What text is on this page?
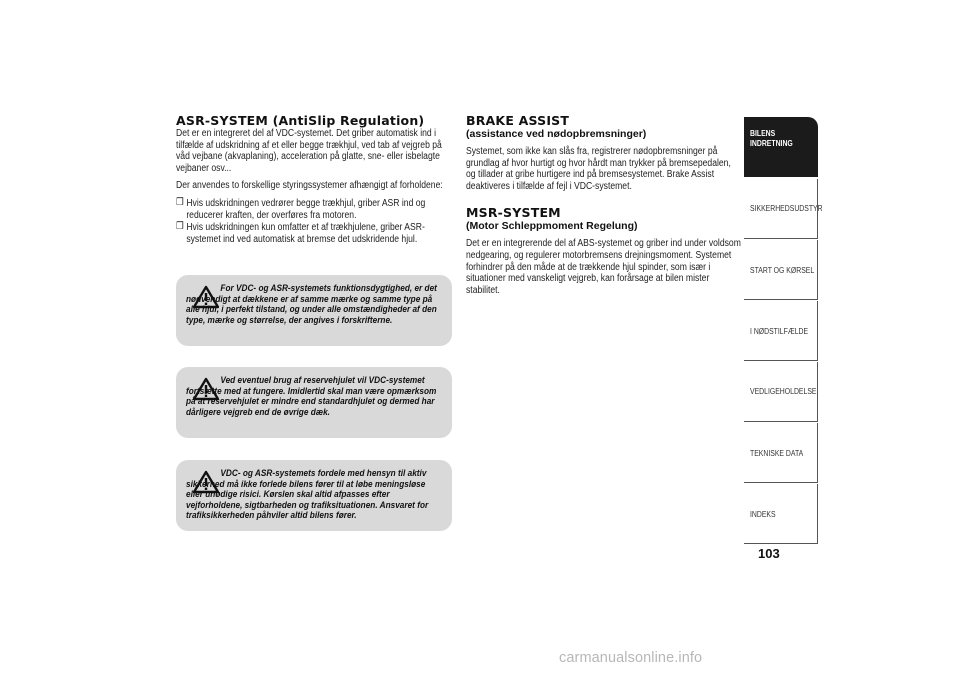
ASR-SYSTEM (AntiSlip Regulation)

Det er en integreret del af VDC-systemet. Det griber automatisk ind i tilfælde af udskridning af et eller begge trækhjul, ved tab af vejgreb på våd vejbane (akvaplaning), acceleration på glatte, sne- eller isbelagte vejbaner osv...

Der anvendes to forskellige styringssystemer afhængigt af forholdene:

❒ Hvis udskridningen vedrører begge trækhjul, griber ASR ind og reducerer kraften, der overføres fra motoren.
❒ Hvis udskridningen kun omfatter et af trækhjulene, griber ASR-systemet ind ved automatisk at bremse det udskridende hjul.
For VDC- og ASR-systemets funktionsdygtighed, er det nødvendigt at dækkene er af samme mærke og samme type på alle hjul, i perfekt tilstand, og under alle omstændigheder af den type, mærke og størrelse, der angives i forskrifterne.
Ved eventuel brug af reservehjulet vil VDC-systemet fortsætte med at fungere. Imidlertid skal man være opmærksom på at reservehjulet er mindre end standardhjulet og dermed har dårligere vejgreb end de øvrige dæk.
VDC- og ASR-systemets fordele med hensyn til aktiv sikkerhed må ikke forlede bilens fører til at løbe meningsløse eller unødige risici. Kørslen skal altid afpasses efter vejforholdene, sigtbarheden og trafiksituationen. Ansvaret for trafiksikkerheden påhviler altid bilens fører.
BRAKE ASSIST
(assistance ved nødopbremsninger)

Systemet, som ikke kan slås fra, registrerer nødopbremsninger på grundlag af hvor hurtigt og hvor hårdt man trykker på bremsepedalen, og tillader at gribe hurtigere ind på bremsesystemet. Brake Assist deaktiveres i tilfælde af fejl i VDC-systemet.

MSR-SYSTEM
(Motor Schleppmoment Regelung)

Det er en integrerende del af ABS-systemet og griber ind under voldsom nedgearing, og regulerer motorbremsens drejningsmoment. Systemet forhindrer på den måde at de trækkende hjul spinder, som især i situationer med vanskeligt vejgreb, kan forårsage at bilen mister stabilitet.

BILENS INDRETNING
SIKKERHEDSUDSTYR
START OG KØRSEL
I NØDSTILFÆLDE
VEDLIGEHOLDELSE
TEKNISKE DATA
INDEKS
103
carmanualsonline.info
